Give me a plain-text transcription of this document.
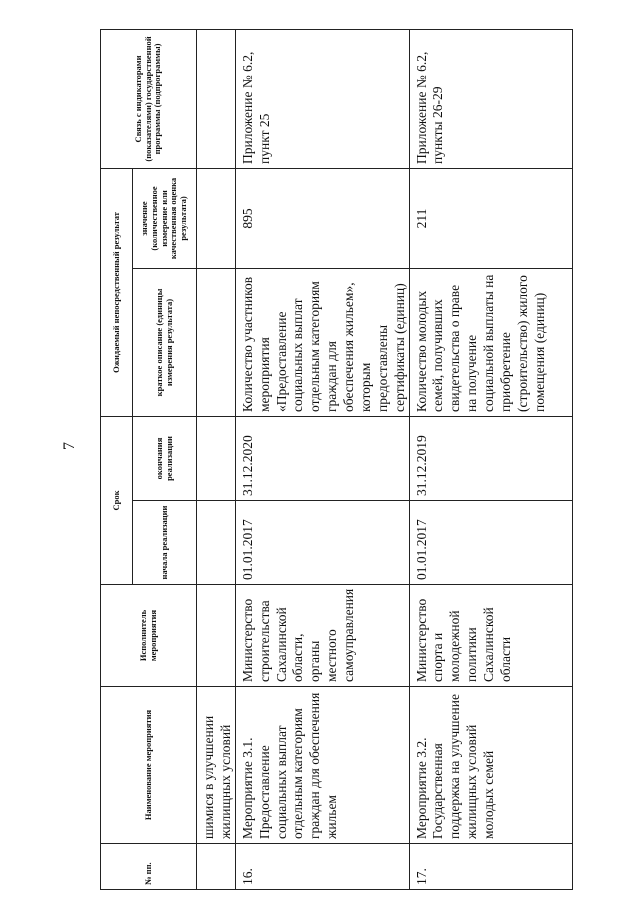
7
№ пп.	Наименование мероприятия	Исполнитель мероприятия	Срок		Ожидаемый непосредственный результат		Связь с индикаторами (показателями) государственной программы (подпрограммы)
			начала реализации	окончания реализации	краткое описание (единицы измерения результата)	значение (количественное измерение или качественная оценка результата)	
	шимися в улучшении жилищных условий						
16.	Мероприятие 3.1. Предоставление социальных выплат отдельным категориям граждан для обеспечения жильем	Министерство строительства Сахалинской области, органы местного самоуправления	01.01.2017	31.12.2020	Количество участников мероприятия «Предоставление социальных выплат отдельным категориям граждан для обеспечения жильем», которым предоставлены сертификаты (единиц)	895	Приложение № 6.2, пункт 25
17.	Мероприятие 3.2. Государственная поддержка на улучшение жилищных условий молодых семей	Министерство спорта и молодежной политики Сахалинской области	01.01.2017	31.12.2019	Количество молодых семей, получивших свидетельства о праве на получение социальной выплаты на приобретение (строительство) жилого помещения (единиц)	211	Приложение № 6.2, пункты 26-29
